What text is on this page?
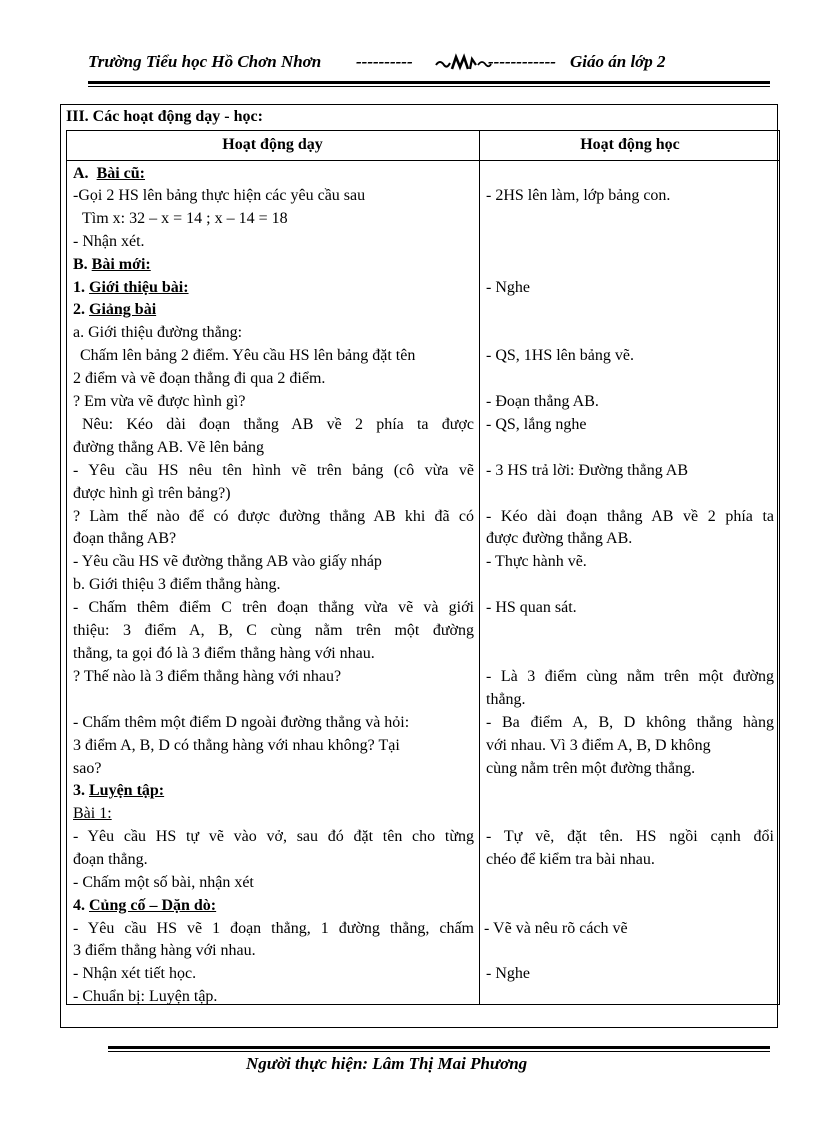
Trường Tiểu học Hồ Chơn Nhơn ----------	------------ Giáo án lớp 2
III. Các hoạt động dạy - học:
Hoạt động dạy	Hoạt động học
A. Bài cũ:
-Gọi 2 HS lên bảng thực hiện các yêu cầu sau
Tìm x: 32 – x = 14 ; x – 14 = 18
- Nhận xét.
B. Bài mới:
1. Giới thiệu bài:
2. Giảng bài
a. Giới thiệu đường thẳng:
Chấm lên bảng 2 điểm. Yêu cầu HS lên bảng đặt tên
2 điểm và vẽ đoạn thẳng đi qua 2 điểm.
? Em vừa vẽ được hình gì?
Nêu: Kéo dài đoạn thẳng AB về 2 phía ta được
đường thẳng AB. Vẽ lên bảng
- Yêu cầu HS nêu tên hình vẽ trên bảng (cô vừa vẽ
được hình gì trên bảng?)
? Làm thế nào để có được đường thẳng AB khi đã có
đoạn thẳng AB?
- Yêu cầu HS vẽ đường thẳng AB vào giấy nháp
b. Giới thiệu 3 điểm thẳng hàng.
- Chấm thêm điểm C trên đoạn thẳng vừa vẽ và giới
thiệu: 3 điểm A, B, C cùng nằm trên một đường
thẳng, ta gọi đó là 3 điểm thẳng hàng với nhau.
? Thế nào là 3 điểm thẳng hàng với nhau?
- Chấm thêm một điểm D ngoài đường thẳng và hỏi:
3 điểm A, B, D có thẳng hàng với nhau không? Tại
sao?
3. Luyện tập:
Bài 1:
- Yêu cầu HS tự vẽ vào vở, sau đó đặt tên cho từng
đoạn thẳng.
- Chấm một số bài, nhận xét
4. Củng cố – Dặn dò:
- Yêu cầu HS vẽ 1 đoạn thẳng, 1 đường thẳng, chấm
3 điểm thẳng hàng với nhau.
- Nhận xét tiết học.
- Chuẩn bị: Luyện tập.
- 2HS lên làm, lớp bảng con.
- Nghe
- QS, 1HS lên bảng vẽ.
- Đoạn thẳng AB.
- QS, lắng nghe
- 3 HS trả lời: Đường thẳng AB
- Kéo dài đoạn thẳng AB về 2 phía ta
được đường thẳng AB.
- Thực hành vẽ.
- HS quan sát.
- Là 3 điểm cùng nằm trên một đường
thẳng.
- Ba điểm A, B, D không thẳng hàng
với nhau. Vì 3 điểm A, B, D không
cùng nằm trên một đường thẳng.
- Tự vẽ, đặt tên. HS ngồi cạnh đổi
chéo để kiểm tra bài nhau.
- Vẽ và nêu rõ cách vẽ
- Nghe
Người thực hiện: Lâm Thị Mai Phương
